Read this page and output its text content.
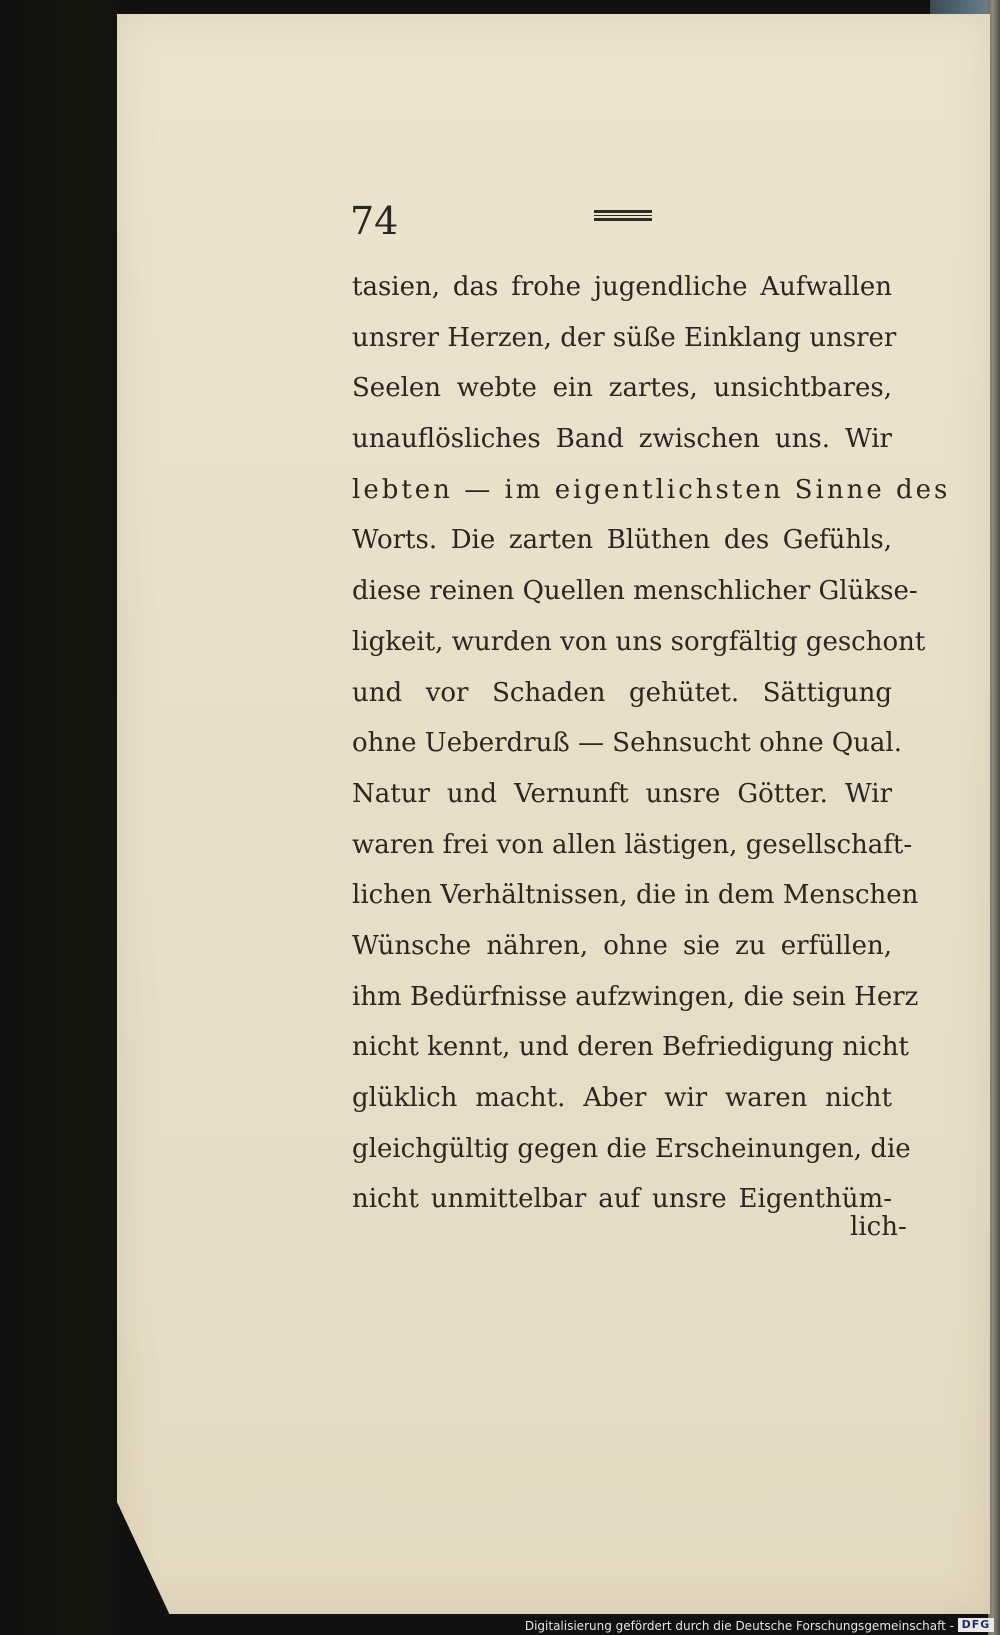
74
tasien, das frohe jugendliche Aufwallen
unsrer Herzen, der süße Einklang unsrer
Seelen webte ein zartes, unsichtbares,
unauflösliches Band zwischen uns. Wir
lebten — im eigentlichsten Sinne des
Worts. Die zarten Blüthen des Gefühls,
diese reinen Quellen menschlicher Glükse-
ligkeit, wurden von uns sorgfältig geschont
und vor Schaden gehütet. Sättigung
ohne Ueberdruß — Sehnsucht ohne Qual.
Natur und Vernunft unsre Götter. Wir
waren frei von allen lästigen, gesellschaft-
lichen Verhältnissen, die in dem Menschen
Wünsche nähren, ohne sie zu erfüllen,
ihm Bedürfnisse aufzwingen, die sein Herz
nicht kennt, und deren Befriedigung nicht
glüklich macht. Aber wir waren nicht
gleichgültig gegen die Erscheinungen, die
nicht unmittelbar auf unsre Eigenthüm-
lich-
Digitalisierung gefördert durch die Deutsche Forschungsgemeinschaft - DFG
